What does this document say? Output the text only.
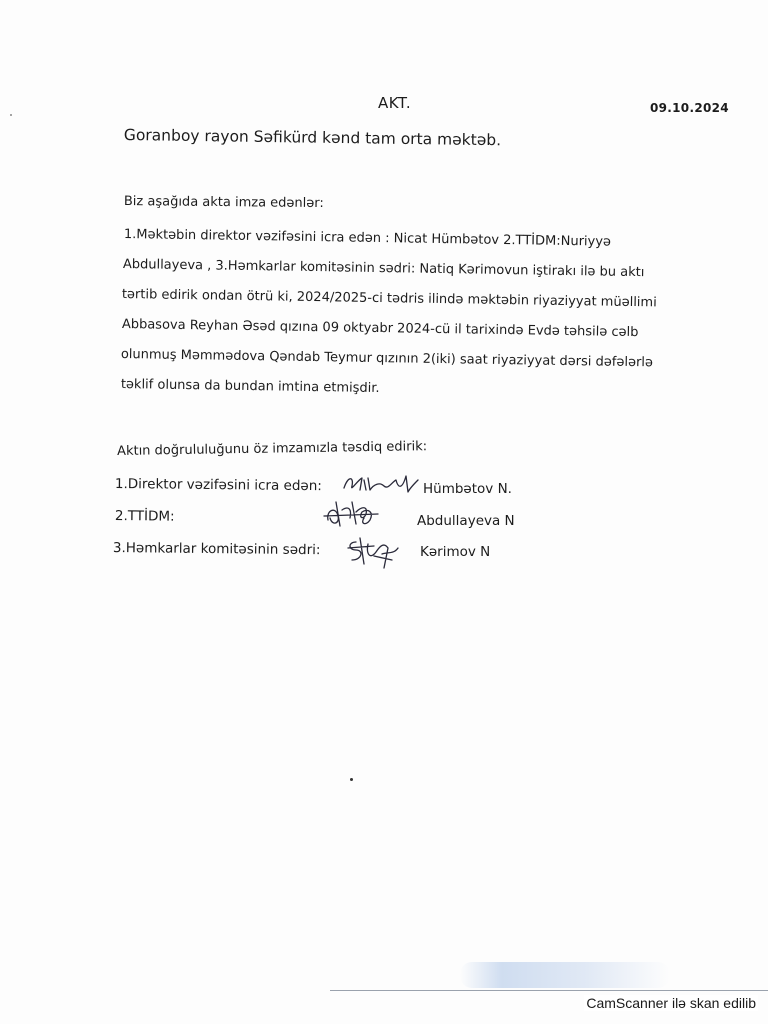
AKT.	09.10.2024
Goranboy rayon Səfikürd kənd tam orta məktəb.
Biz aşağıda akta imza edənlər:
1.Məktəbin direktor vəzifəsini icra edən : Nicat Hümbətov 2.TTİDM:Nuriyyə
Abdullayeva , 3.Həmkarlar komitəsinin sədri: Natiq Kərimovun iştirakı ilə bu aktı
tərtib edirik ondan ötrü ki, 2024/2025-ci tədris ilində məktəbin riyaziyyat müəllimi
Abbasova Reyhan Əsəd qızına 09 oktyabr 2024-cü il tarixində Evdə təhsilə cəlb
olunmuş Məmmədova Qəndab Teymur qızının 2(iki) saat riyaziyyat dərsi dəfələrlə
təklif olunsa da bundan imtina etmişdir.
Aktın doğrululuğunu öz imzamızla təsdiq edirik:
1.Direktor vəzifəsini icra edən:
2.TTİDM:
3.Həmkarlar komitəsinin sədri:
Hümbətov N.
Abdullayeva N
Kərimov N
CamScanner ilə skan edilib
